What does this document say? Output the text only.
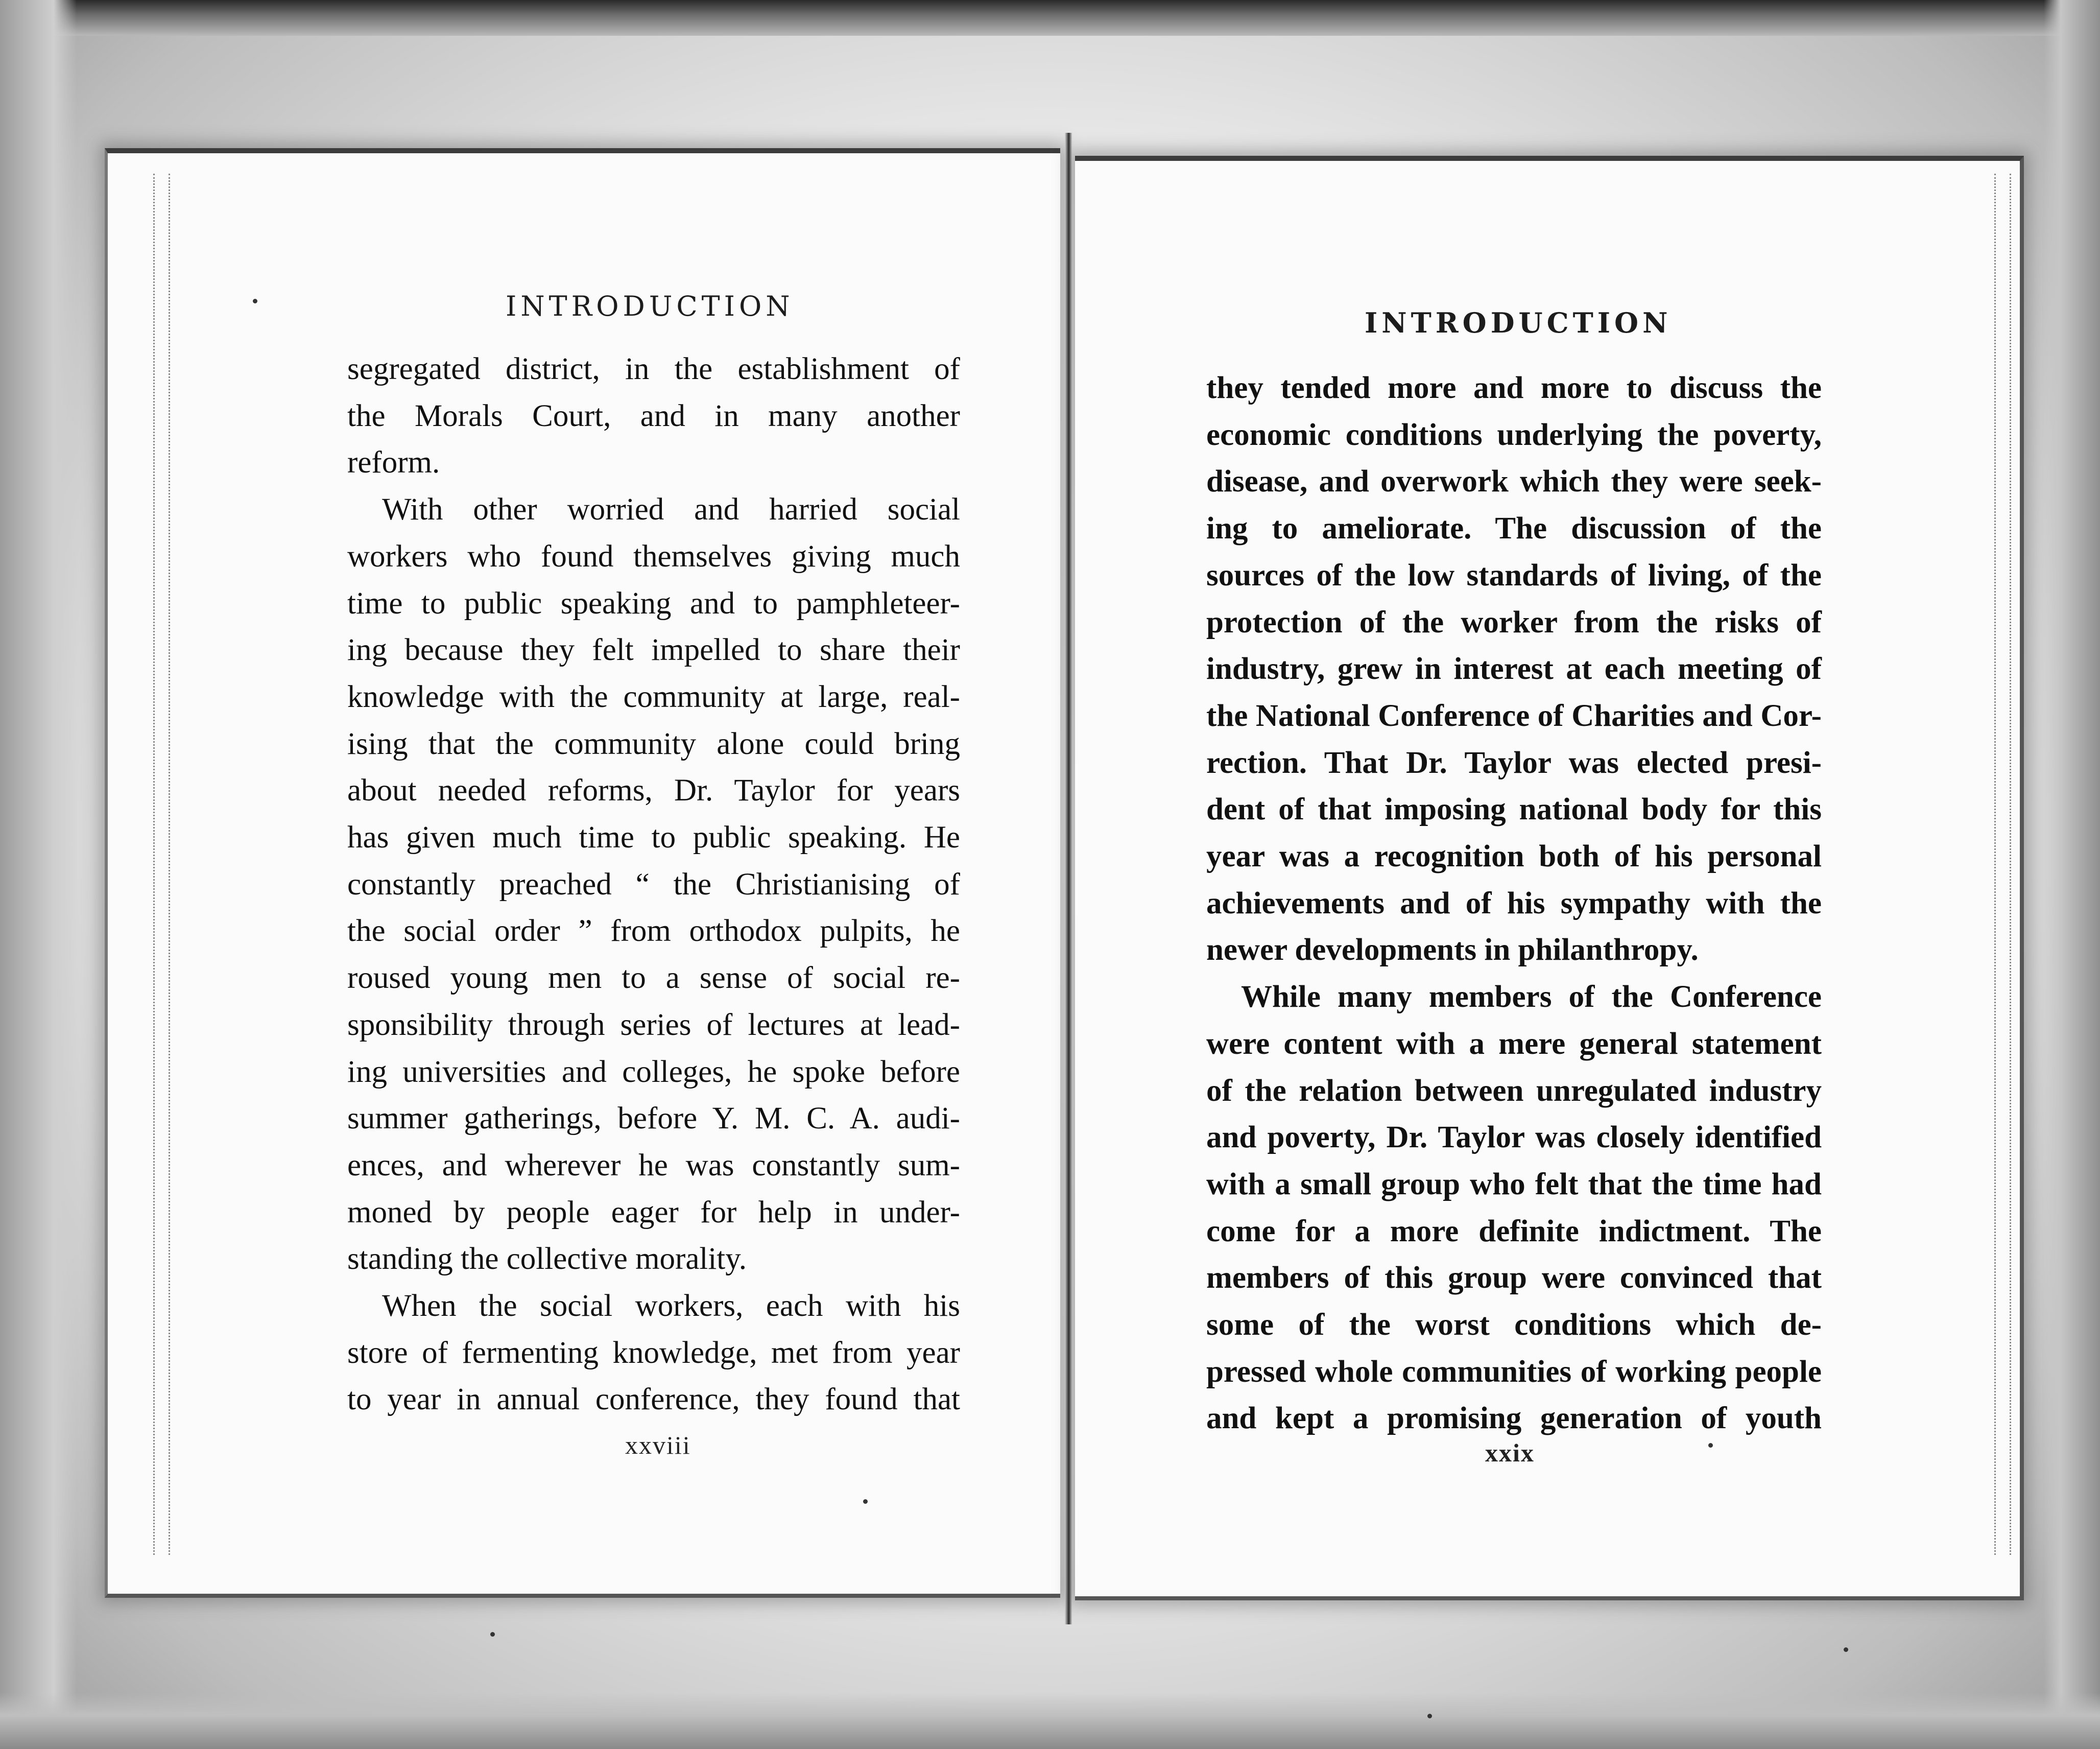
INTRODUCTION
segregated district, in the establishment of
the Morals Court, and in many another
reform.
With other worried and harried social
workers who found themselves giving much
time to public speaking and to pamphleteer-
ing because they felt impelled to share their
knowledge with the community at large, real-
ising that the community alone could bring
about needed reforms, Dr. Taylor for years
has given much time to public speaking. He
constantly preached “ the Christianising of
the social order ” from orthodox pulpits, he
roused young men to a sense of social re-
sponsibility through series of lectures at lead-
ing universities and colleges, he spoke before
summer gatherings, before Y. M. C. A. audi-
ences, and wherever he was constantly sum-
moned by people eager for help in under-
standing the collective morality.
When the social workers, each with his
store of fermenting knowledge, met from year
to year in annual conference, they found that
xxviii
INTRODUCTION
they tended more and more to discuss the
economic conditions underlying the poverty,
disease, and overwork which they were seek-
ing to ameliorate. The discussion of the
sources of the low standards of living, of the
protection of the worker from the risks of
industry, grew in interest at each meeting of
the National Conference of Charities and Cor-
rection. That Dr. Taylor was elected presi-
dent of that imposing national body for this
year was a recognition both of his personal
achievements and of his sympathy with the
newer developments in philanthropy.
While many members of the Conference
were content with a mere general statement
of the relation between unregulated industry
and poverty, Dr. Taylor was closely identified
with a small group who felt that the time had
come for a more definite indictment. The
members of this group were convinced that
some of the worst conditions which de-
pressed whole communities of working people
and kept a promising generation of youth
xxix
